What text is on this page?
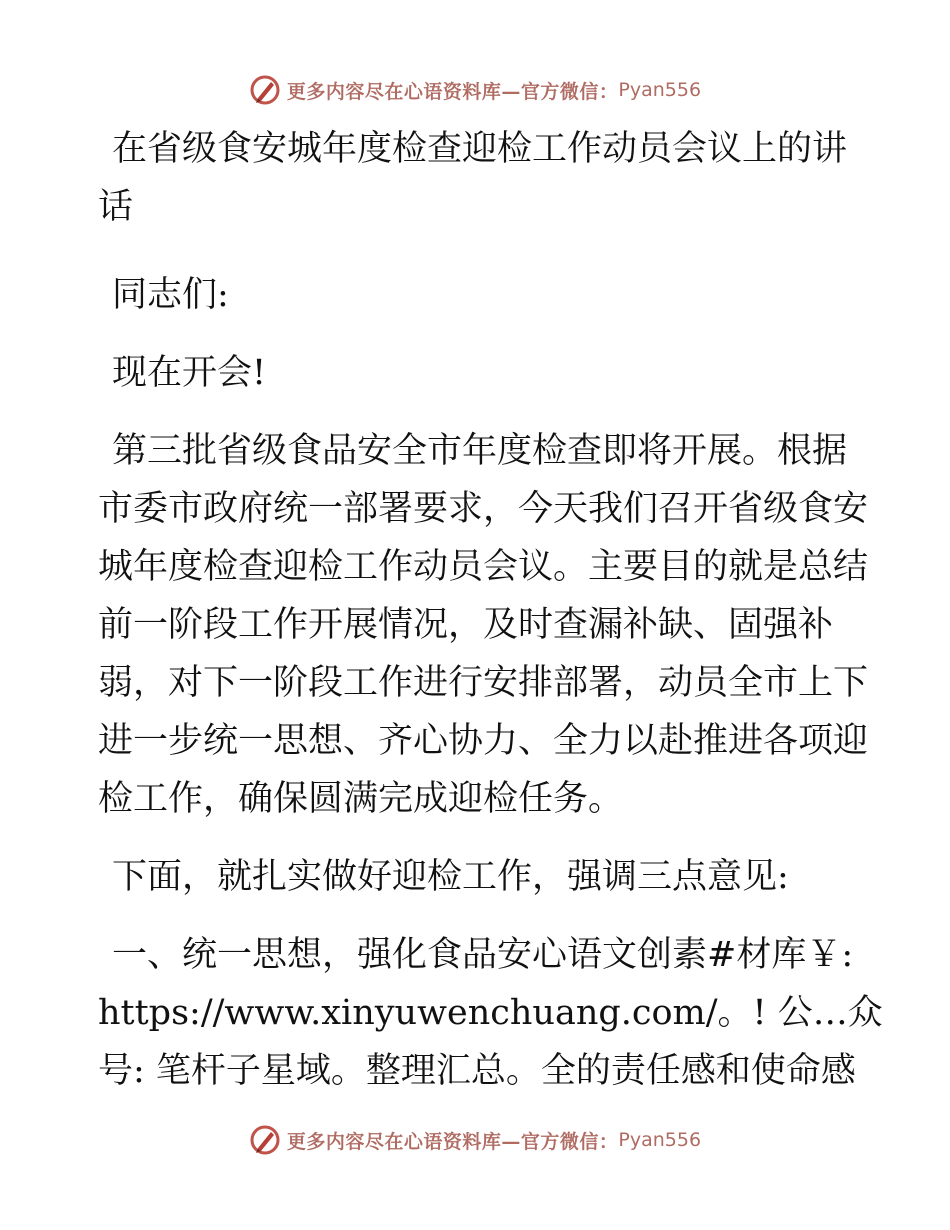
更多内容尽在心语资料库—官方微信： Pyan556
在省级食安城年度检查迎检工作动员会议上的讲
话
同志们:
现在开会!
第三批省级食品安全市年度检查即将开展。根据
市委市政府统一部署要求，今天我们召开省级食安
城年度检查迎检工作动员会议。主要目的就是总结
前一阶段工作开展情况，及时查漏补缺、固强补
弱，对下一阶段工作进行安排部署，动员全市上下
进一步统一思想、齐心协力、全力以赴推进各项迎
检工作，确保圆满完成迎检任务。
下面，就扎实做好迎检工作，强调三点意见:
一、统一思想，强化食品安心语文创素#材库￥:
https://www.xinyuwenchuang.com/。! 公…众
号: 笔杆子星域。整理汇总。全的责任感和使命感
更多内容尽在心语资料库—官方微信： Pyan556
